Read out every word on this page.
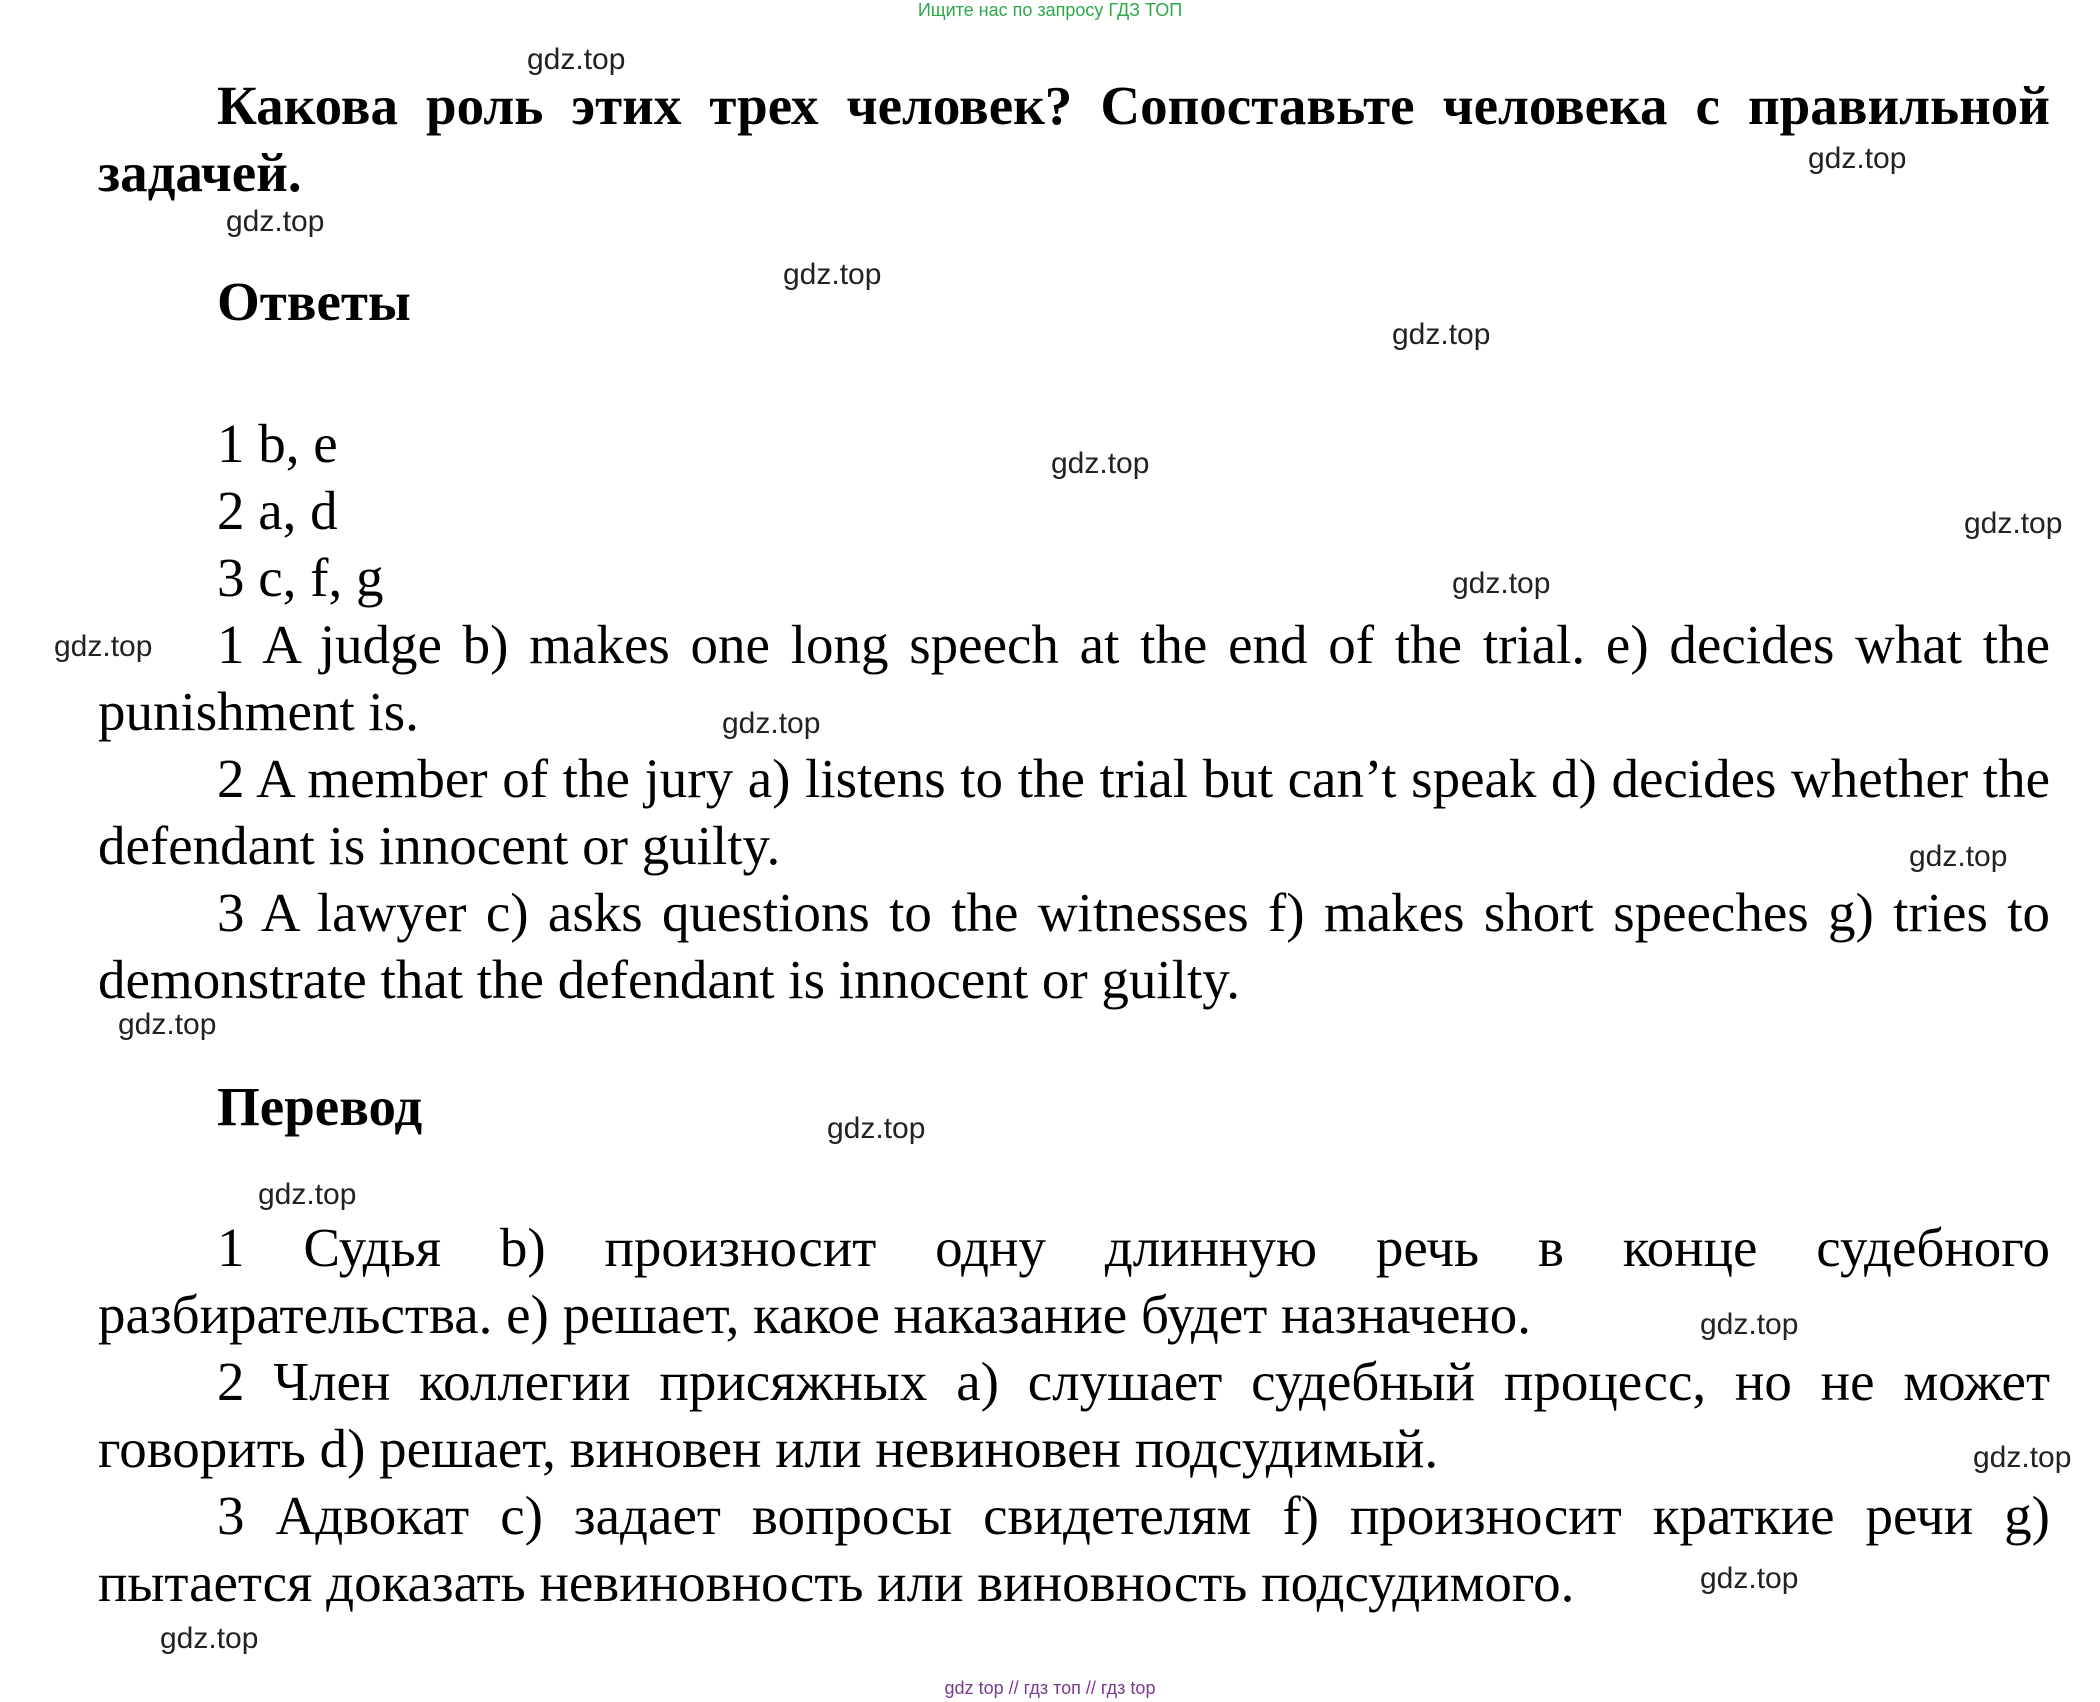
Ищите нас по запросу ГДЗ ТОП
Какова роль этих трех человек? Сопоставьте человека с правильной задачей.
Ответы
1 b, e
2 a, d
3 c, f, g
1 A judge b) makes one long speech at the end of the trial. e) decides what the punishment is.
2 A member of the jury a) listens to the trial but can’t speak d) decides whether the defendant is innocent or guilty.
3 A lawyer c) asks questions to the witnesses f) makes short speeches g) tries to demonstrate that the defendant is innocent or guilty.
Перевод
1 Судья b) произносит одну длинную речь в конце судебного разбирательства. e) решает, какое наказание будет назначено.
2 Член коллегии присяжных a) слушает судебный процесс, но не может говорить d) решает, виновен или невиновен подсудимый.
3 Адвокат c) задает вопросы свидетелям f) произносит краткие речи g) пытается доказать невиновность или виновность подсудимого.
gdz.top
gdz.top
gdz.top
gdz.top
gdz.top
gdz.top
gdz.top
gdz.top
gdz.top
gdz.top
gdz.top
gdz.top
gdz.top
gdz.top
gdz.top
gdz.top
gdz.top
gdz.top
gdz top // гдз топ // гдз top
